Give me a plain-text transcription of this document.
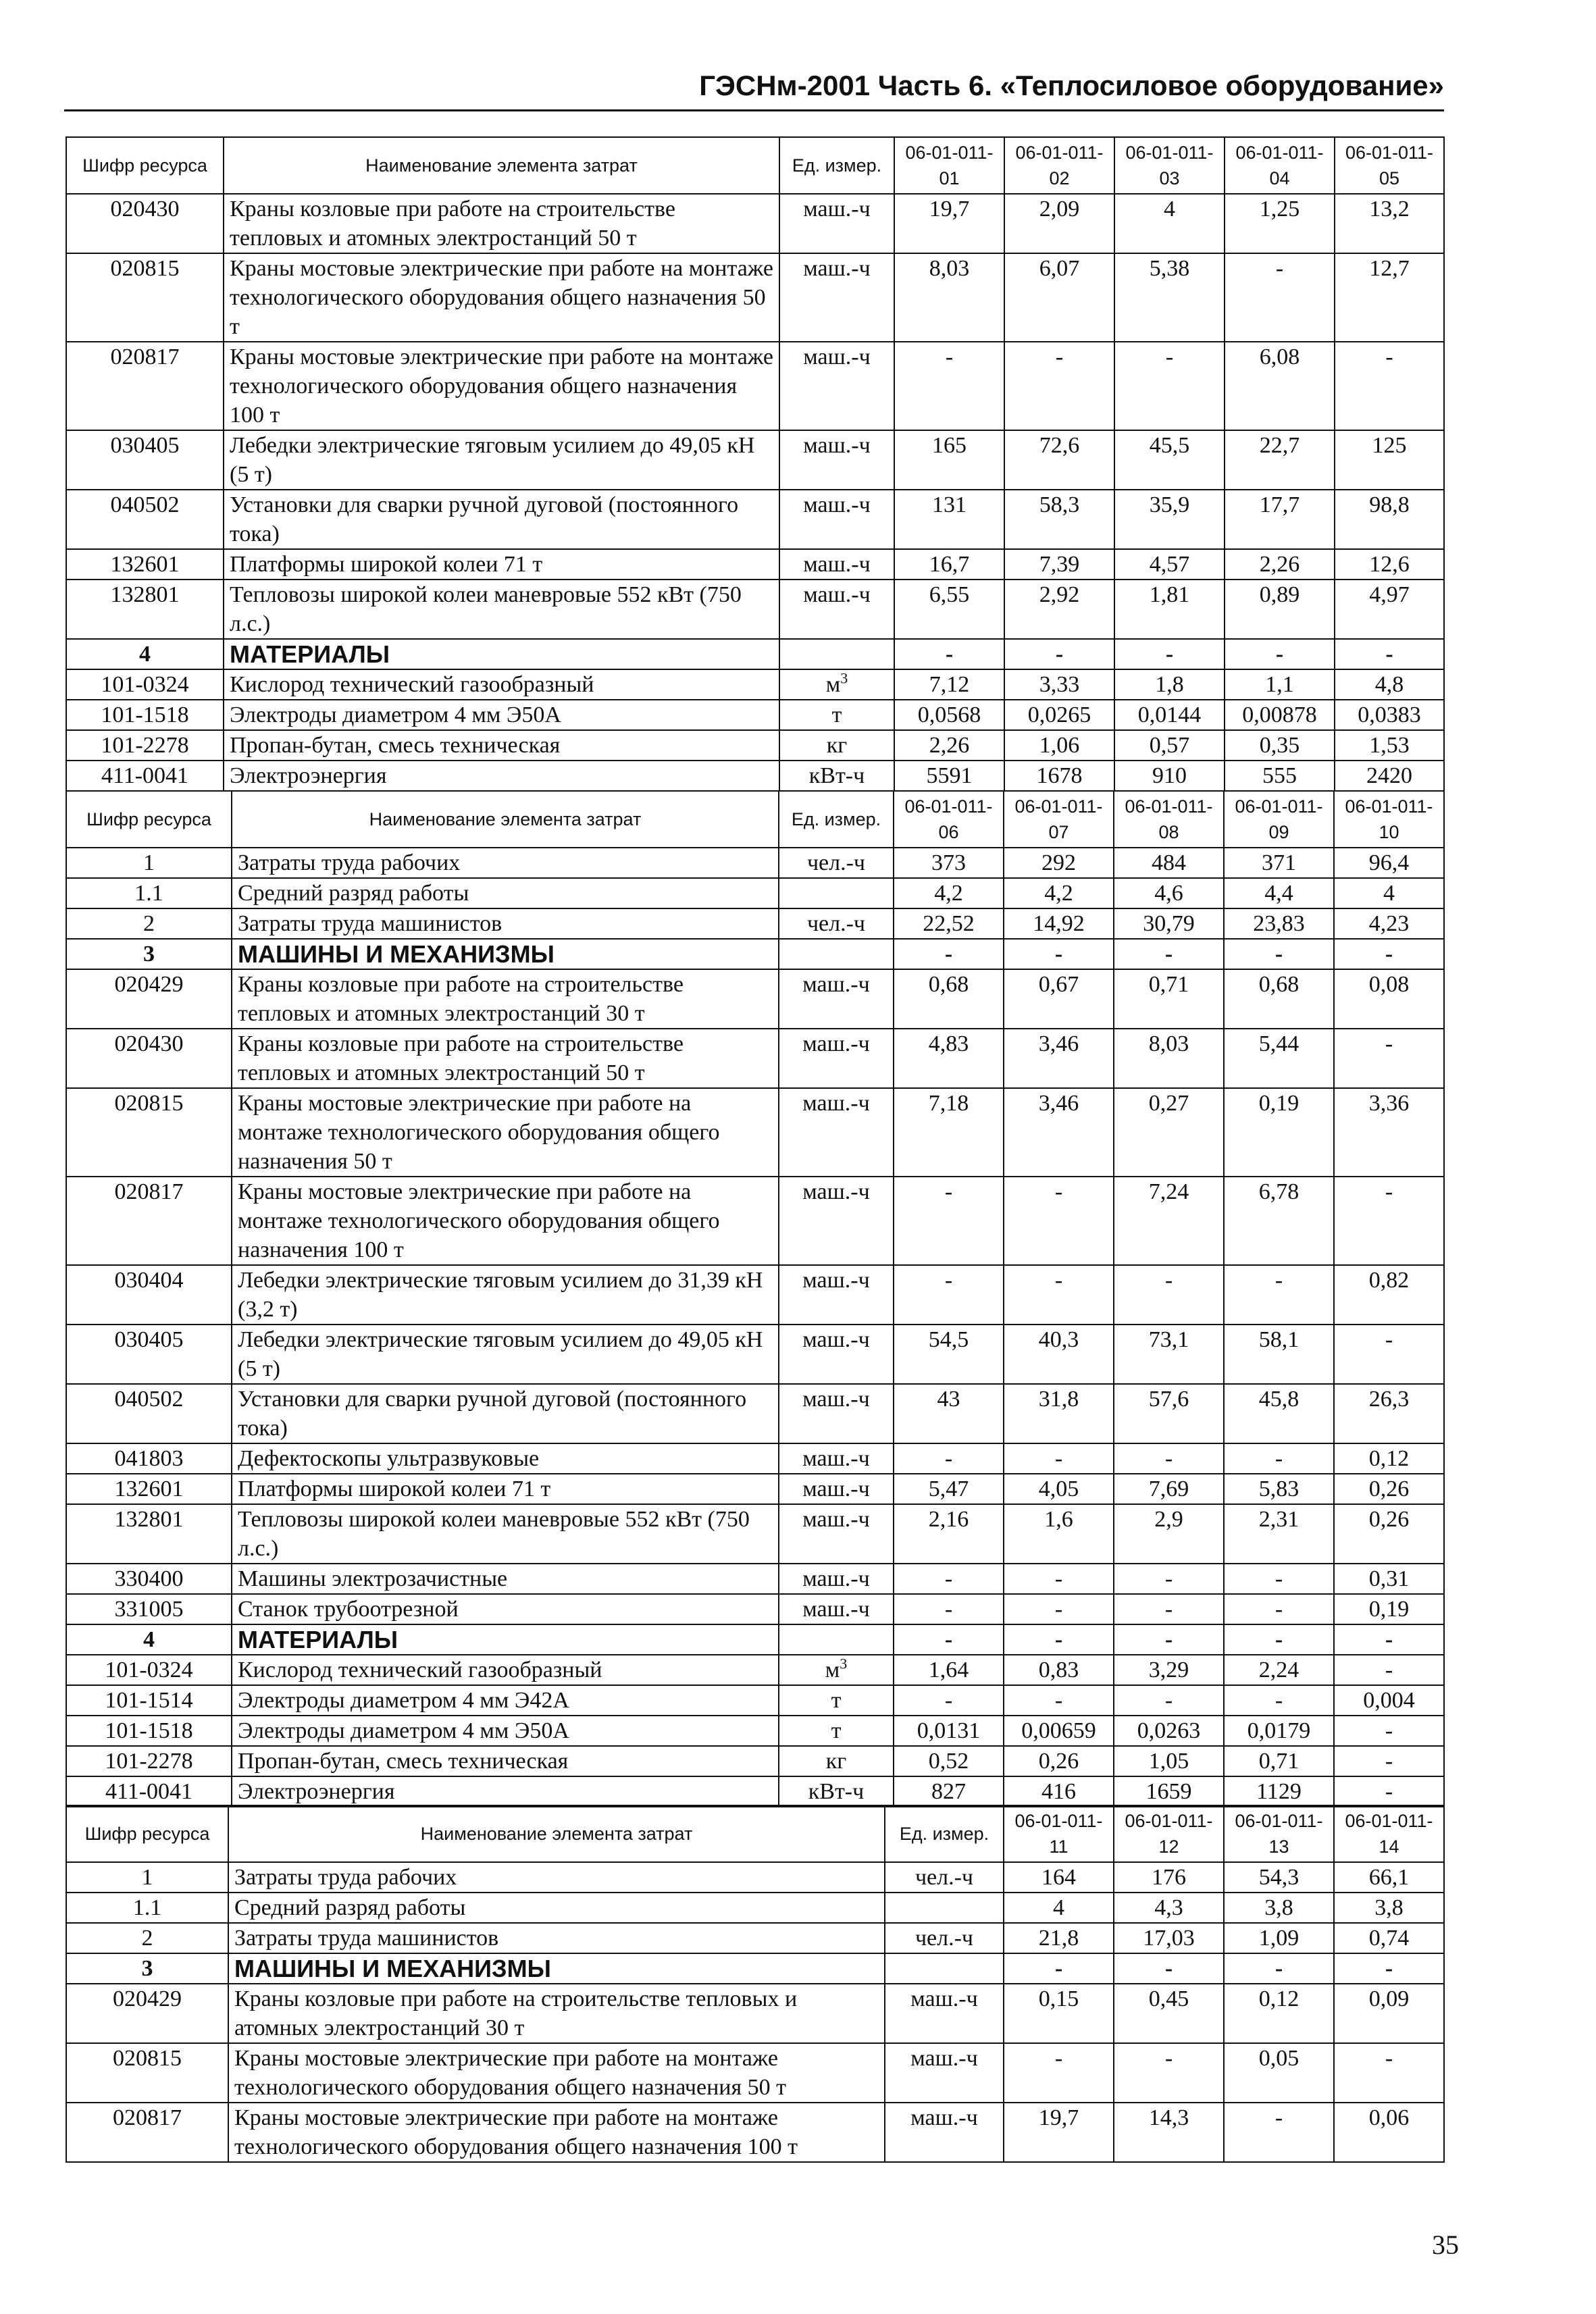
ГЭСНм-2001 Часть 6. «Теплосиловое оборудование»
Шифр ресурса	Наименование элемента затрат	Ед. измер.	06-01-011-01	06-01-011-02	06-01-011-03	06-01-011-04	06-01-011-05
020430	Краны козловые при работе на строительстве тепловых и атомных электростанций 50 т	маш.-ч	19,7	2,09	4	1,25	13,2
020815	Краны мостовые электрические при работе на монтаже технологического оборудования общего назначения 50 т	маш.-ч	8,03	6,07	5,38	-	12,7
020817	Краны мостовые электрические при работе на монтаже технологического оборудования общего назначения 100 т	маш.-ч	-	-	-	6,08	-
030405	Лебедки электрические тяговым усилием до 49,05 кН (5 т)	маш.-ч	165	72,6	45,5	22,7	125
040502	Установки для сварки ручной дуговой (постоянного тока)	маш.-ч	131	58,3	35,9	17,7	98,8
132601	Платформы широкой колеи 71 т	маш.-ч	16,7	7,39	4,57	2,26	12,6
132801	Тепловозы широкой колеи маневровые 552 кВт (750 л.с.)	маш.-ч	6,55	2,92	1,81	0,89	4,97
4	МАТЕРИАЛЫ		-	-	-	-	-
101-0324	Кислород технический газообразный	$м^3$	7,12	3,33	1,8	1,1	4,8
101-1518	Электроды диаметром 4 мм Э50А	т	0,0568	0,0265	0,0144	0,00878	0,0383
101-2278	Пропан-бутан, смесь техническая	кг	2,26	1,06	0,57	0,35	1,53
411-0041	Электроэнергия	кВт-ч	5591	1678	910	555	2420
Шифр ресурса	Наименование элемента затрат	Ед. измер.	06-01-011-06	06-01-011-07	06-01-011-08	06-01-011-09	06-01-011-10
1	Затраты труда рабочих	чел.-ч	373	292	484	371	96,4
1.1	Средний разряд работы		4,2	4,2	4,6	4,4	4
2	Затраты труда машинистов	чел.-ч	22,52	14,92	30,79	23,83	4,23
3	МАШИНЫ И МЕХАНИЗМЫ		-	-	-	-	-
020429	Краны козловые при работе на строительстве тепловых и атомных электростанций 30 т	маш.-ч	0,68	0,67	0,71	0,68	0,08
020430	Краны козловые при работе на строительстве тепловых и атомных электростанций 50 т	маш.-ч	4,83	3,46	8,03	5,44	-
020815	Краны мостовые электрические при работе на монтаже технологического оборудования общего назначения 50 т	маш.-ч	7,18	3,46	0,27	0,19	3,36
020817	Краны мостовые электрические при работе на монтаже технологического оборудования общего назначения 100 т	маш.-ч	-	-	7,24	6,78	-
030404	Лебедки электрические тяговым усилием до 31,39 кН (3,2 т)	маш.-ч	-	-	-	-	0,82
030405	Лебедки электрические тяговым усилием до 49,05 кН (5 т)	маш.-ч	54,5	40,3	73,1	58,1	-
040502	Установки для сварки ручной дуговой (постоянного тока)	маш.-ч	43	31,8	57,6	45,8	26,3
041803	Дефектоскопы ультразвуковые	маш.-ч	-	-	-	-	0,12
132601	Платформы широкой колеи 71 т	маш.-ч	5,47	4,05	7,69	5,83	0,26
132801	Тепловозы широкой колеи маневровые 552 кВт (750 л.с.)	маш.-ч	2,16	1,6	2,9	2,31	0,26
330400	Машины электрозачистные	маш.-ч	-	-	-	-	0,31
331005	Станок трубоотрезной	маш.-ч	-	-	-	-	0,19
4	МАТЕРИАЛЫ		-	-	-	-	-
101-0324	Кислород технический газообразный	$м^3$	1,64	0,83	3,29	2,24	-
101-1514	Электроды диаметром 4 мм Э42А	т	-	-	-	-	0,004
101-1518	Электроды диаметром 4 мм Э50А	т	0,0131	0,00659	0,0263	0,0179	-
101-2278	Пропан-бутан, смесь техническая	кг	0,52	0,26	1,05	0,71	-
411-0041	Электроэнергия	кВт-ч	827	416	1659	1129	-
Шифр ресурса	Наименование элемента затрат	Ед. измер.	06-01-011-11	06-01-011-12	06-01-011-13	06-01-011-14
1	Затраты труда рабочих	чел.-ч	164	176	54,3	66,1
1.1	Средний разряд работы		4	4,3	3,8	3,8
2	Затраты труда машинистов	чел.-ч	21,8	17,03	1,09	0,74
3	МАШИНЫ И МЕХАНИЗМЫ		-	-	-	-
020429	Краны козловые при работе на строительстве тепловых и атомных электростанций 30 т	маш.-ч	0,15	0,45	0,12	0,09
020815	Краны мостовые электрические при работе на монтаже технологического оборудования общего назначения 50 т	маш.-ч	-	-	0,05	-
020817	Краны мостовые электрические при работе на монтаже технологического оборудования общего назначения 100 т	маш.-ч	19,7	14,3	-	0,06
35
